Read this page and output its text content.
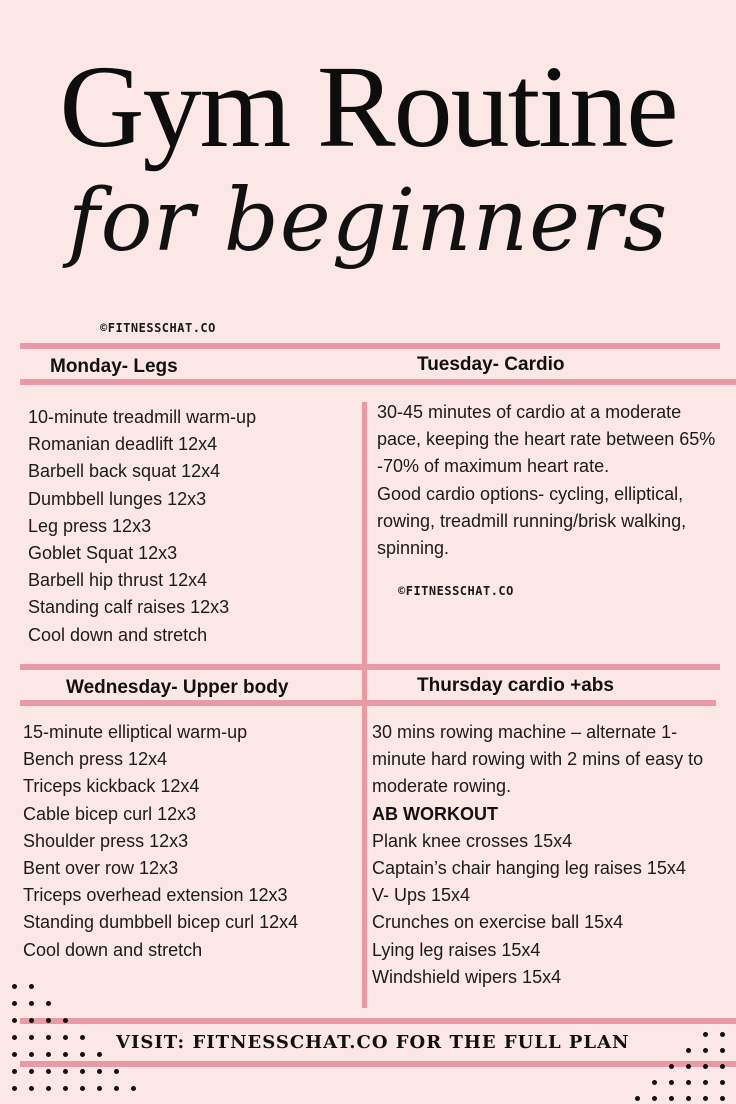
Gym Routine
for beginners
©FITNESSCHAT.CO
Monday- Legs	Tuesday- Cardio
10-minute treadmill warm-up
Romanian deadlift 12x4
Barbell back squat 12x4
Dumbbell lunges 12x3
Leg press 12x3
Goblet Squat 12x3
Barbell hip thrust 12x4
Standing calf raises 12x3
Cool down and stretch

30-45 minutes of cardio at a moderate pace, keeping the heart rate between 65% -70% of maximum heart rate.

Good cardio options- cycling, elliptical, rowing, treadmill running/brisk walking, spinning.

©FITNESSCHAT.CO
Wednesday- Upper body	Thursday cardio +abs
15-minute elliptical warm-up
Bench press 12x4
Triceps kickback 12x4
Cable bicep curl 12x3
Shoulder press 12x3
Bent over row 12x3
Triceps overhead extension 12x3
Standing dumbbell bicep curl 12x4
Cool down and stretch

30 mins rowing machine – alternate 1-minute hard rowing with 2 mins of easy to moderate rowing.

AB WORKOUT
Plank knee crosses 15x4
Captain’s chair hanging leg raises 15x4
V- Ups 15x4
Crunches on exercise ball 15x4
Lying leg raises 15x4
Windshield wipers 15x4
VISIT: FITNESSCHAT.CO FOR THE FULL PLAN
